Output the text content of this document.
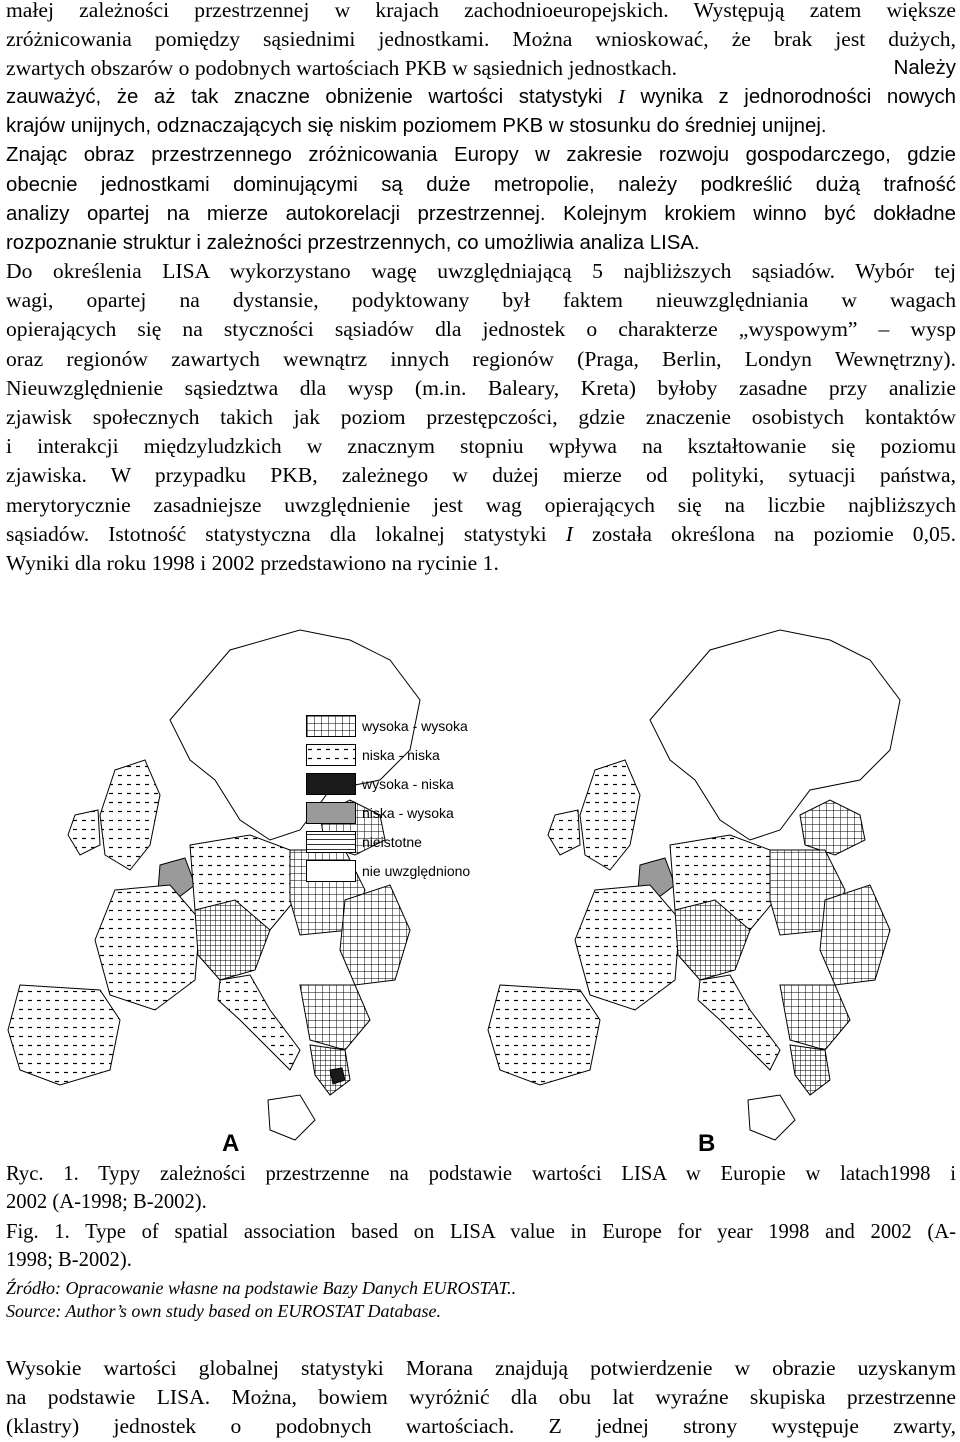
małej zależności przestrzennej w krajach zachodnioeuropejskich. Występują zatem większe
zróżnicowania pomiędzy sąsiednimi jednostkami. Można wnioskować, że brak jest dużych,

zwartych obszarów o podobnych wartościach PKB w sąsiednich jednostkach.	Należy

zauważyć, że aż tak znaczne obniżenie wartości statystyki I wynika z jednorodności nowych
krajów unijnych, odznaczających się niskim poziomem PKB w stosunku do średniej unijnej.
Znając obraz przestrzennego zróżnicowania Europy w zakresie rozwoju gospodarczego, gdzie
obecnie jednostkami dominującymi są duże metropolie, należy podkreślić dużą trafność
analizy opartej na mierze autokorelacji przestrzennej. Kolejnym krokiem winno być dokładne
rozpoznanie struktur i zależności przestrzennych, co umożliwia analiza LISA.

Do określenia LISA wykorzystano wagę uwzględniającą 5 najbliższych sąsiadów. Wybór tej
wagi, opartej na dystansie, podyktowany był faktem nieuwzględniania w wagach
opierających się na styczności sąsiadów dla jednostek o charakterze „wyspowym” – wysp
oraz regionów zawartych wewnątrz innych regionów (Praga, Berlin, Londyn Wewnętrzny).
Nieuwzględnienie sąsiedztwa dla wysp (m.in. Baleary, Kreta) byłoby zasadne przy analizie
zjawisk społecznych takich jak poziom przestępczości, gdzie znaczenie osobistych kontaktów
i interakcji międzyludzkich w znacznym stopniu wpływa na kształtowanie się poziomu
zjawiska. W przypadku PKB, zależnego w dużej mierze od polityki, sytuacji państwa,
merytorycznie zasadniejsze uwzględnienie jest wag opierających się na liczbie najbliższych
sąsiadów. Istotność statystyczna dla lokalnej statystyki I została określona na poziomie 0,05.
Wyniki dla roku 1998 i 2002 przedstawiono na rycinie 1.

A	B
wysoka - wysoka
niska - niska
wysoka - niska
niska - wysoka
nieistotne
nie uwzględniono

Ryc. 1. Typy zależności przestrzenne na podstawie wartości LISA w Europie w latach1998 i
2002 (A-1998; B-2002).

Fig. 1. Type of spatial association based on LISA value in Europe for year 1998 and 2002 (A-
1998; B-2002).

Źródło: Opracowanie własne na podstawie Bazy Danych EUROSTAT..

Source: Author’s own study based on EUROSTAT Database.

Wysokie wartości globalnej statystyki Morana znajdują potwierdzenie w obrazie uzyskanym
na podstawie LISA. Można, bowiem wyróżnić dla obu lat wyraźne skupiska przestrzenne
(klastry) jednostek o podobnych wartościach. Z jednej strony występuje zwarty,
